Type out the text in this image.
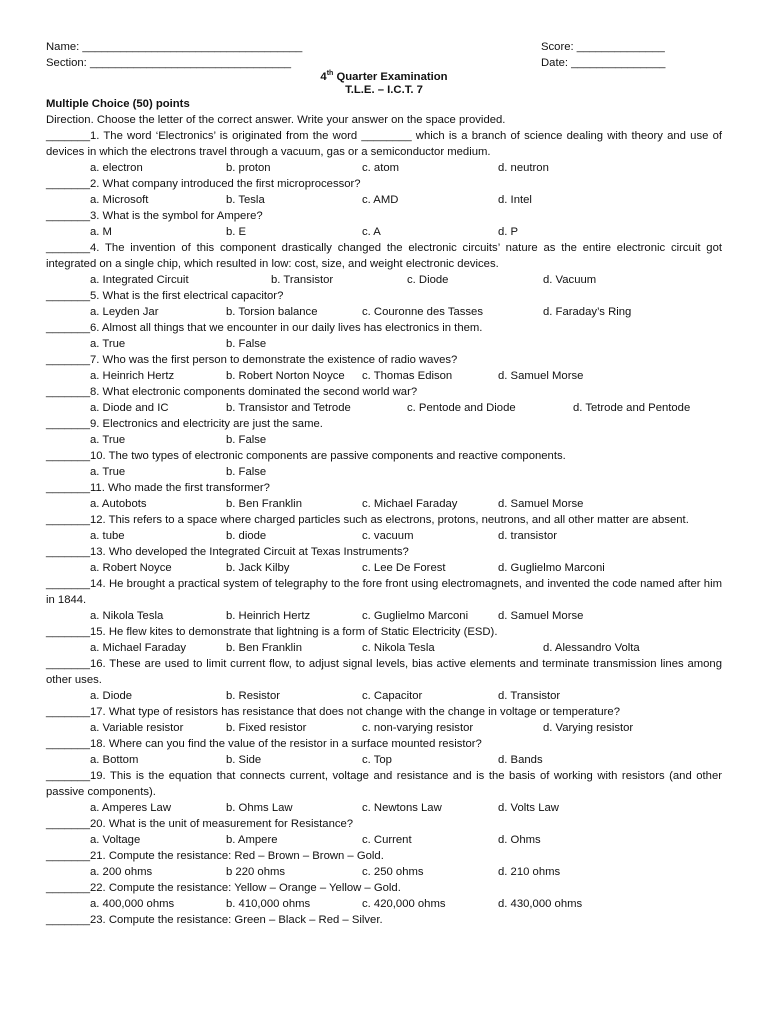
Name: ___________________________________
Section: ________________________________
Score: ______________
Date: _______________
4th Quarter Examination
T.L.E. – I.C.T. 7
Multiple Choice (50) points
Direction. Choose the letter of the correct answer. Write your answer on the space provided.
_______1. The word ‘Electronics’ is originated from the word ________ which is a branch of science dealing with theory and use of devices in which the electrons travel through a vacuum, gas or a semiconductor medium.
a. electron	b. proton	c. atom	d. neutron
_______2. What company introduced the first microprocessor?
a. Microsoft	b. Tesla	c. AMD	d. Intel
_______3. What is the symbol for Ampere?
a. M	b. E	c. A	d. P
_______4. The invention of this component drastically changed the electronic circuits’ nature as the entire electronic circuit got integrated on a single chip, which resulted in low: cost, size, and weight electronic devices.
a. Integrated Circuit	b. Transistor	c. Diode	d. Vacuum
_______5. What is the first electrical capacitor?
a. Leyden Jar	b. Torsion balance	c. Couronne des Tasses	d. Faraday’s Ring
_______6. Almost all things that we encounter in our daily lives has electronics in them.
a. True	b. False
_______7. Who was the first person to demonstrate the existence of radio waves?
a. Heinrich Hertz	b. Robert Norton Noyce c. Thomas Edison	d. Samuel Morse
_______8. What electronic components dominated the second world war?
a. Diode and IC	b. Transistor and Tetrode	c. Pentode and Diode	d. Tetrode and Pentode
_______9. Electronics and electricity are just the same.
a. True	b. False
_______10. The two types of electronic components are passive components and reactive components.
a. True	b. False
_______11. Who made the first transformer?
a. Autobots	b. Ben Franklin	c. Michael Faraday	d. Samuel Morse
_______12. This refers to a space where charged particles such as electrons, protons, neutrons, and all other matter are absent.
a. tube	b. diode	c. vacuum	d. transistor
_______13. Who developed the Integrated Circuit at Texas Instruments?
a. Robert Noyce	b. Jack Kilby	c. Lee De Forest	d. Guglielmo Marconi
_______14. He brought a practical system of telegraphy to the fore front using electromagnets, and invented the code named after him in 1844.
a. Nikola Tesla	b. Heinrich Hertz	c. Guglielmo Marconi	d. Samuel Morse
_______15. He flew kites to demonstrate that lightning is a form of Static Electricity (ESD).
a. Michael Faraday	b. Ben Franklin	c. Nikola Tesla	d. Alessandro Volta
_______16. These are used to limit current flow, to adjust signal levels, bias active elements and terminate transmission lines among other uses.
a. Diode	b. Resistor	c. Capacitor	d. Transistor
_______17. What type of resistors has resistance that does not change with the change in voltage or temperature?
a. Variable resistor	b. Fixed resistor	c. non-varying resistor	d. Varying resistor
_______18. Where can you find the value of the resistor in a surface mounted resistor?
a. Bottom	b. Side	c. Top	d. Bands
_______19. This is the equation that connects current, voltage and resistance and is the basis of working with resistors (and other passive components).
a. Amperes Law	b. Ohms Law	c. Newtons Law	d. Volts Law
_______20. What is the unit of measurement for Resistance?
a. Voltage	b. Ampere	c. Current	d. Ohms
_______21. Compute the resistance: Red – Brown – Brown – Gold.
a. 200 ohms	b 220 ohms	c. 250 ohms	d. 210 ohms
_______22. Compute the resistance: Yellow – Orange – Yellow – Gold.
a. 400,000 ohms	b. 410,000 ohms	c. 420,000 ohms	d. 430,000 ohms
_______23. Compute the resistance: Green – Black – Red – Silver.
